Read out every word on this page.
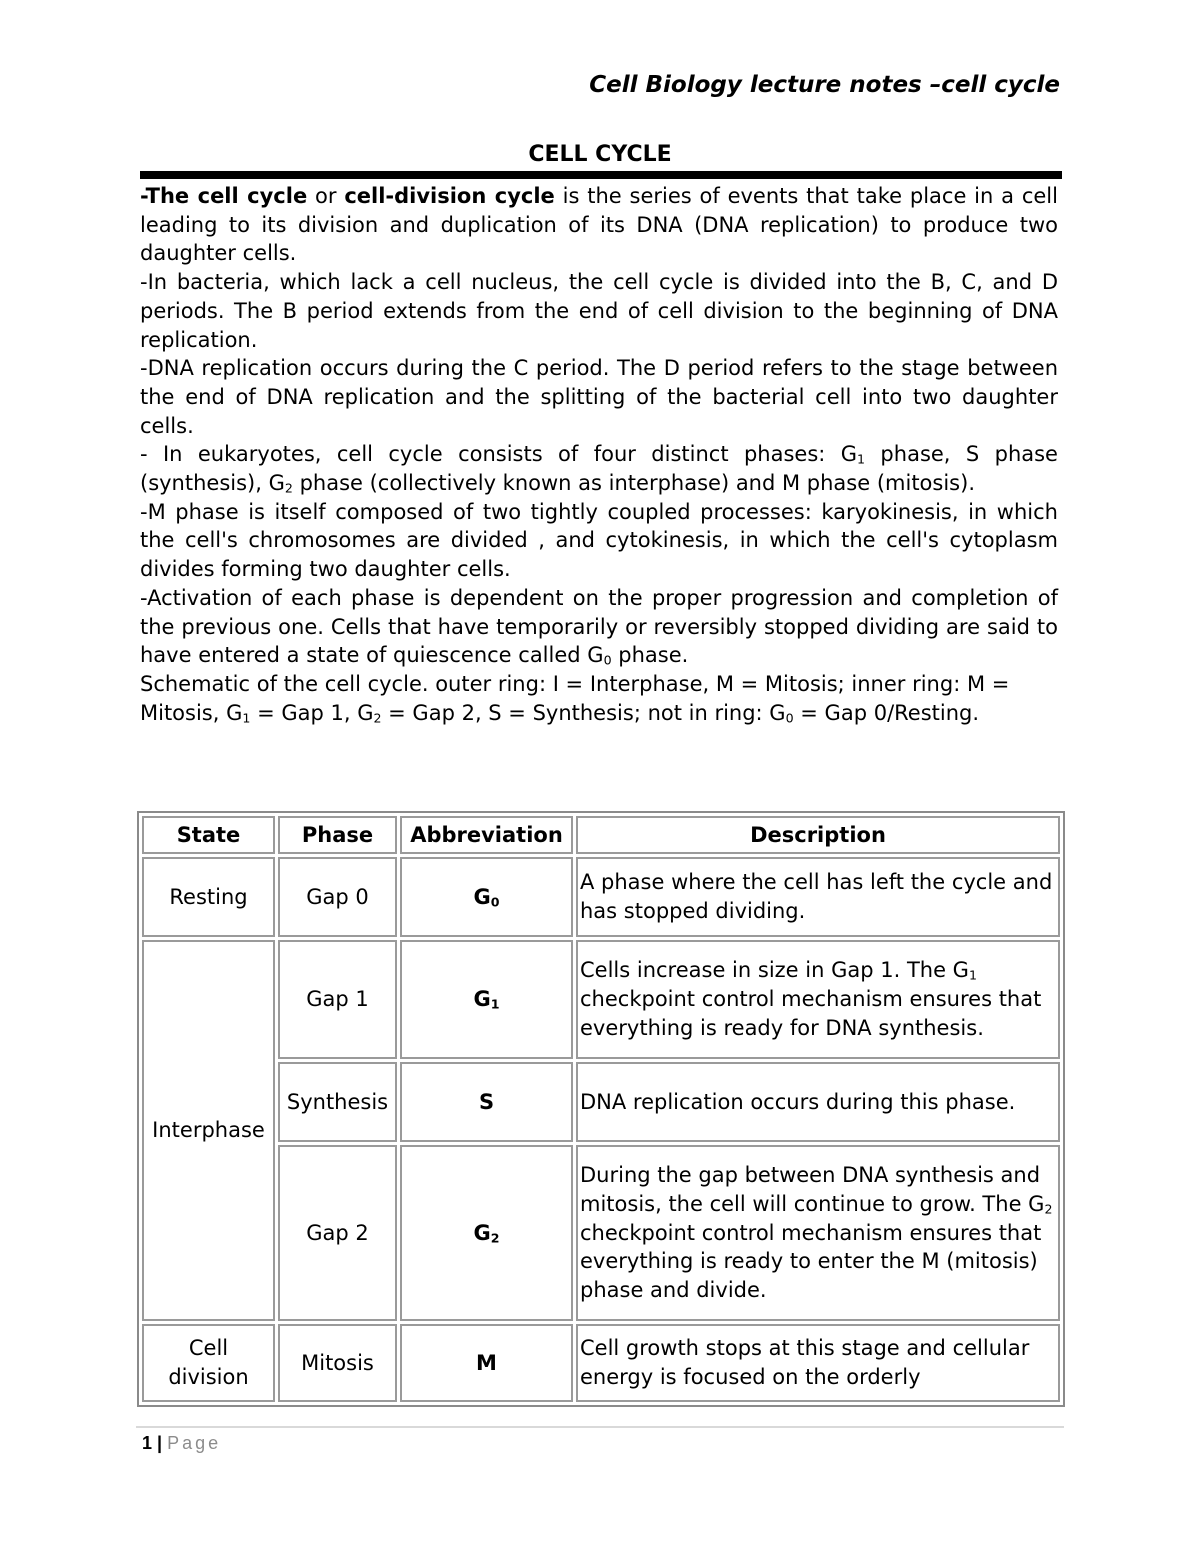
Cell Biology lecture notes –cell cycle
CELL CYCLE

-The cell cycle or cell-division cycle is the series of events that take place in a cell leading to its division and duplication of its DNA (DNA replication) to produce two daughter cells.

-In bacteria, which lack a cell nucleus, the cell cycle is divided into the B, C, and D periods. The B period extends from the end of cell division to the beginning of DNA replication.

-DNA replication occurs during the C period. The D period refers to the stage between the end of DNA replication and the splitting of the bacterial cell into two daughter cells.

- In eukaryotes, cell cycle consists of four distinct phases: $G_1$ phase, S phase (synthesis), $G_2$ phase (collectively known as interphase) and M phase (mitosis).

-M phase is itself composed of two tightly coupled processes: karyokinesis, in which the cell's chromosomes are divided , and cytokinesis, in which the cell's cytoplasm divides forming two daughter cells.

-Activation of each phase is dependent on the proper progression and completion of the previous one. Cells that have temporarily or reversibly stopped dividing are said to have entered a state of quiescence called $G_0$ phase.

Schematic of the cell cycle. outer ring: I = Interphase, M = Mitosis; inner ring: M = Mitosis, $G_1$ = Gap 1, $G_2$ = Gap 2, S = Synthesis; not in ring: $G_0$ = Gap 0/Resting.

State	Phase	Abbreviation	Description
Resting	Gap 0	$G_0$	A phase where the cell has left the cycle and has stopped dividing.
Interphase	Gap 1	$G_1$	Cells increase in size in Gap 1. The $G_1$ checkpoint control mechanism ensures that everything is ready for DNA synthesis.
	Synthesis	S	DNA replication occurs during this phase.
	Gap 2	$G_2$	During the gap between DNA synthesis and mitosis, the cell will continue to grow. The $G_2$ checkpoint control mechanism ensures that everything is ready to enter the M (mitosis) phase and divide.
Cell division	Mitosis	M	Cell growth stops at this stage and cellular energy is focused on the orderly
1 | Page
